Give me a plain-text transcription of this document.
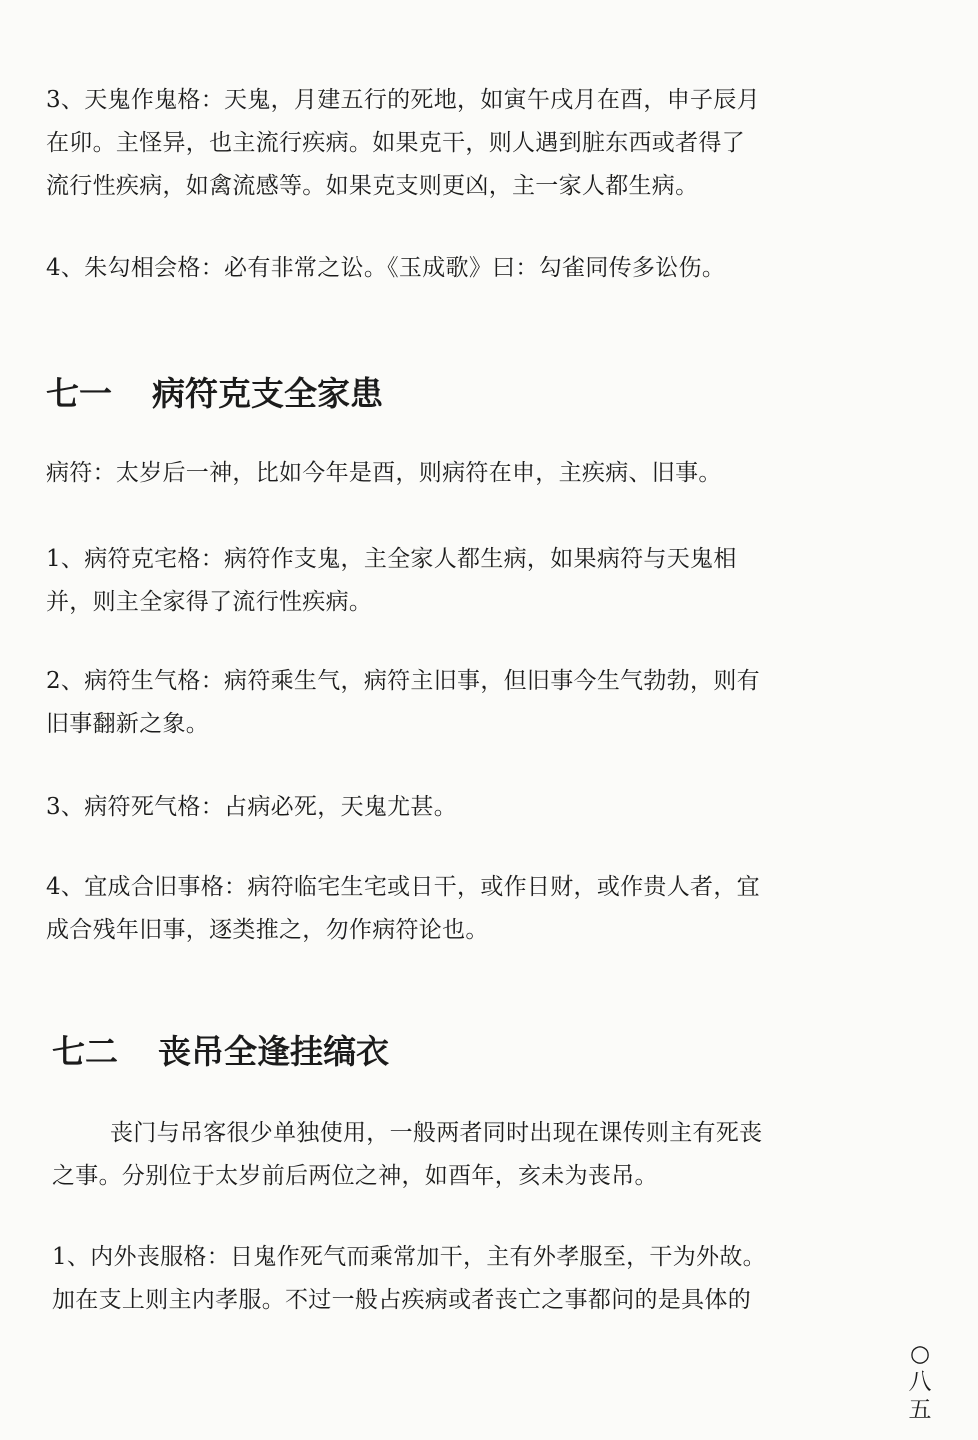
3、天鬼作鬼格：天鬼，月建五行的死地，如寅午戌月在酉，申子辰月
在卯。主怪异，也主流行疾病。如果克干，则人遇到脏东西或者得了
流行性疾病，如禽流感等。如果克支则更凶，主一家人都生病。

4、朱勾相会格：必有非常之讼。《玉成歌》曰：勾雀同传多讼伤。

七一 病符克支全家患

病符：太岁后一神，比如今年是酉，则病符在申，主疾病、旧事。

1、病符克宅格：病符作支鬼，主全家人都生病，如果病符与天鬼相
并，则主全家得了流行性疾病。

2、病符生气格：病符乘生气，病符主旧事，但旧事今生气勃勃，则有
旧事翻新之象。

3、病符死气格：占病必死，天鬼尤甚。

4、宜成合旧事格：病符临宅生宅或日干，或作日财，或作贵人者，宜
成合残年旧事，逐类推之，勿作病符论也。

七二 丧吊全逢挂缟衣

丧门与吊客很少单独使用，一般两者同时出现在课传则主有死丧
之事。分别位于太岁前后两位之神，如酉年，亥未为丧吊。

1、内外丧服格：日鬼作死气而乘常加干，主有外孝服至，干为外故。
加在支上则主内孝服。不过一般占疾病或者丧亡之事都问的是具体的

○
八
五
